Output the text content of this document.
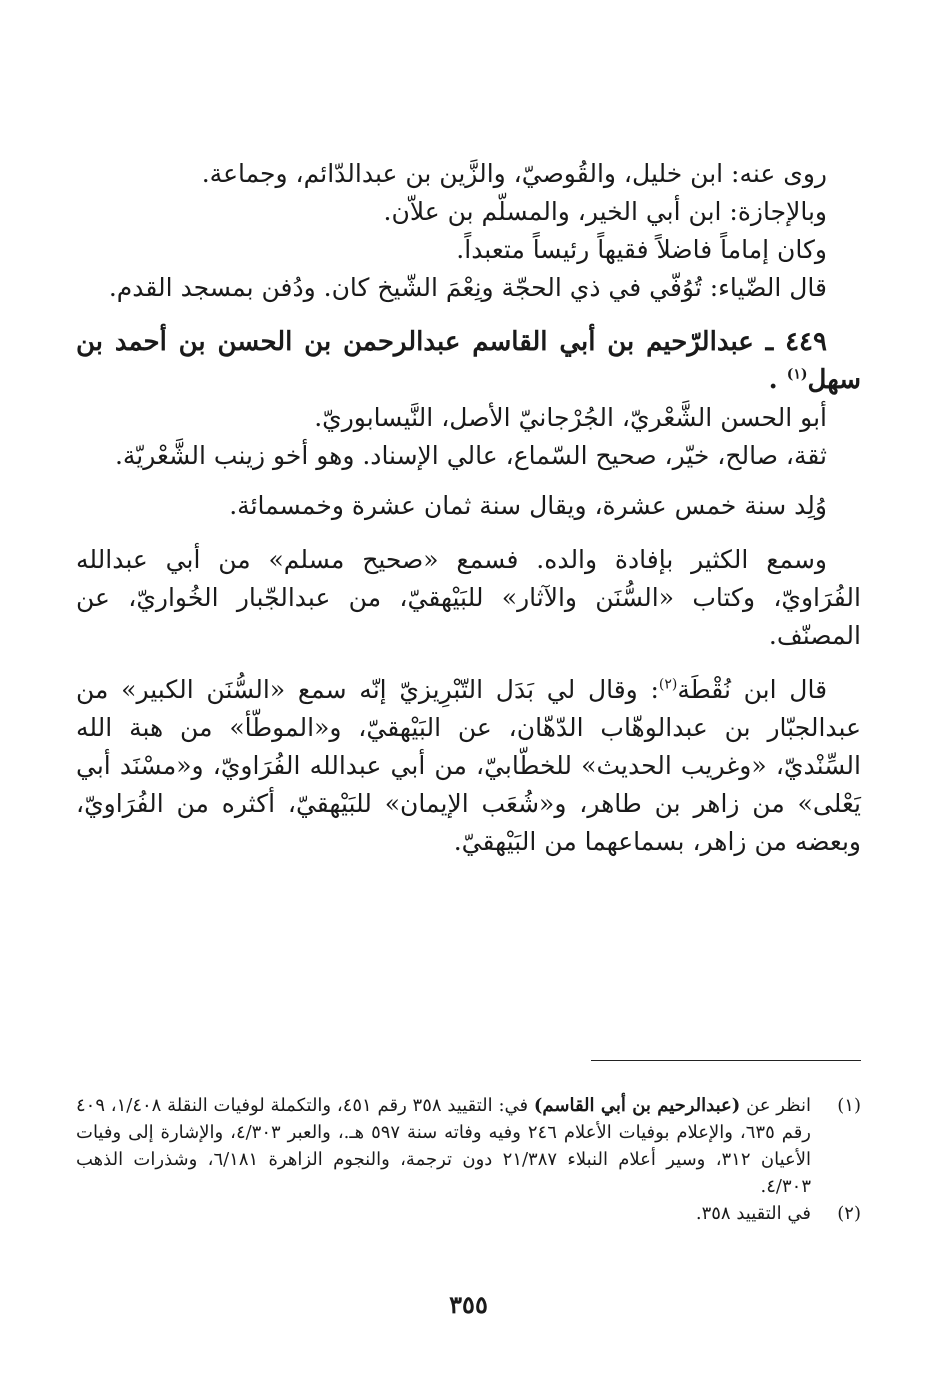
روى عنه: ابن خليل، والقُوصيّ، والزَّين بن عبدالدّائم، وجماعة.

وبالإجازة: ابن أبي الخير، والمسلّم بن علاّن.

وكان إماماً فاضلاً فقيهاً رئيساً متعبداً.

قال الضّياء: تُوُفّي في ذي الحجّة ونِعْمَ الشّيخ كان. ودُفن بمسجد القدم.

٤٤٩ ـ عبدالرّحيم بن أبي القاسم عبدالرحمن بن الحسن بن أحمد بن سهل$^{(١)}$ .

أبو الحسن الشَّعْريّ، الجُرْجانيّ الأصل، النَّيسابوريّ.

ثقة، صالح، خيّر، صحيح السّماع، عالي الإسناد. وهو أخو زينب الشَّعْريّة.

وُلِد سنة خمس عشرة، ويقال سنة ثمان عشرة وخمسمائة.

وسمع الكثير بإفادة والده. فسمع «صحيح مسلم» من أبي عبدالله الفُرَاويّ، وكتاب «السُّنَن والآثار» للبَيْهقيّ، من عبدالجّبار الخُواريّ، عن المصنّف.

قال ابن نُقْطَة$^{(٢)}$: وقال لي بَدَل التّبْرِيزيّ إنّه سمع «السُّنَن الكبير» من عبدالجبّار بن عبدالوهّاب الدّهّان، عن البَيْهقيّ، و«الموطّأ» من هبة الله السِّنْديّ، «وغريب الحديث» للخطّابيّ، من أبي عبدالله الفُرَاويّ، و«مسْنَد أبي يَعْلى» من زاهر بن طاهر، و«شُعَب الإيمان» للبَيْهقيّ، أكثره من الفُرَاويّ، وبعضه من زاهر، بسماعهما من البَيْهقيّ.

(١)
انظر عن (عبدالرحيم بن أبي القاسم) في: التقييد ٣٥٨ رقم ٤٥١، والتكملة لوفيات النقلة ١/٤٠٨، ٤٠٩ رقم ٦٣٥، والإعلام بوفيات الأعلام ٢٤٦ وفيه وفاته سنة ٥٩٧ هـ.، والعبر ٤/٣٠٣، والإشارة إلى وفيات الأعيان ٣١٢، وسير أعلام النبلاء ٢١/٣٨٧ دون ترجمة، والنجوم الزاهرة ٦/١٨١، وشذرات الذهب ٤/٣٠٣.
(٢)
في التقييد ٣٥٨.
٣٥٥
